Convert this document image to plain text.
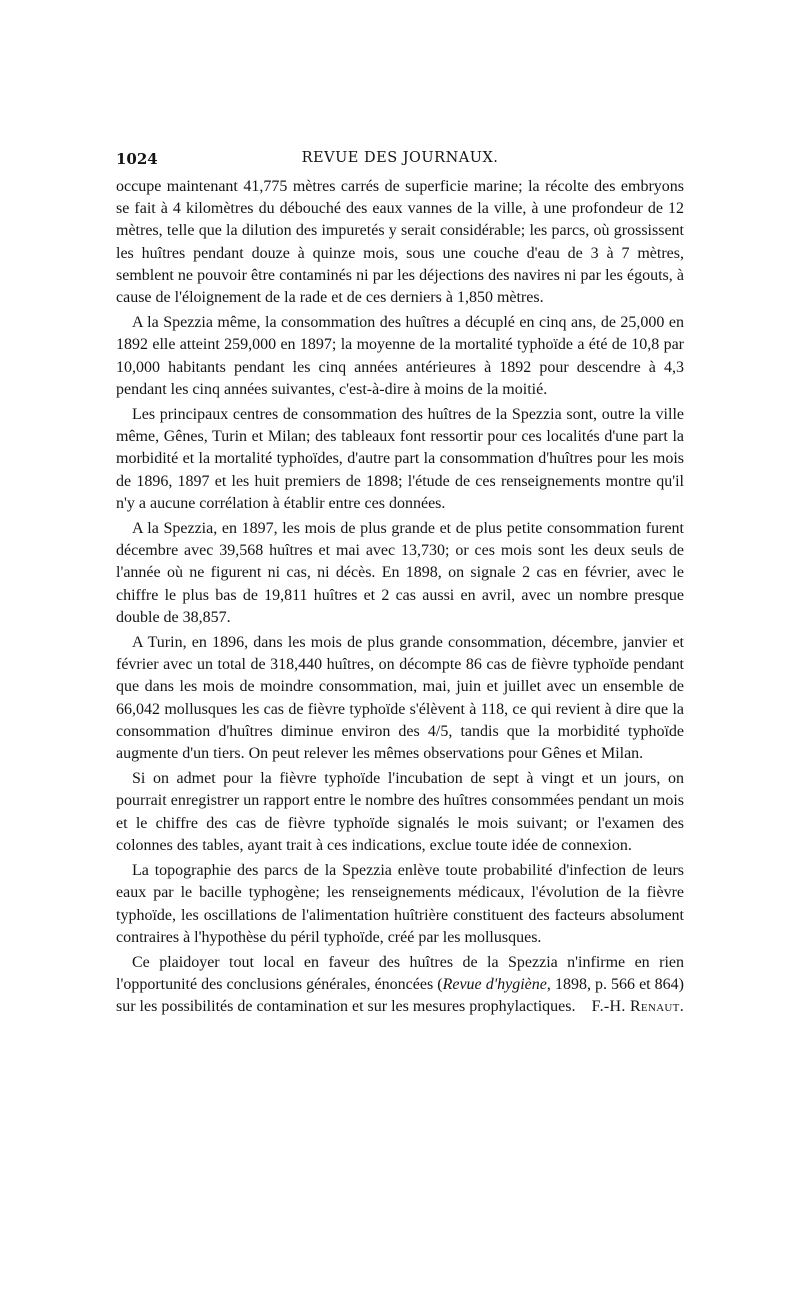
1024	REVUE DES JOURNAUX.

occupe maintenant 41,775 mètres carrés de superficie marine; la récolte des embryons se fait à 4 kilomètres du débouché des eaux vannes de la ville, à une profondeur de 12 mètres, telle que la dilution des impuretés y serait considérable; les parcs, où grossissent les huîtres pendant douze à quinze mois, sous une couche d'eau de 3 à 7 mètres, semblent ne pouvoir être contaminés ni par les déjections des navires ni par les égouts, à cause de l'éloignement de la rade et de ces derniers à 1,850 mètres.

A la Spezzia même, la consommation des huîtres a décuplé en cinq ans, de 25,000 en 1892 elle atteint 259,000 en 1897; la moyenne de la mortalité typhoïde a été de 10,8 par 10,000 habitants pendant les cinq années antérieures à 1892 pour descendre à 4,3 pendant les cinq années suivantes, c'est-à-dire à moins de la moitié.

Les principaux centres de consommation des huîtres de la Spezzia sont, outre la ville même, Gênes, Turin et Milan; des tableaux font ressortir pour ces localités d'une part la morbidité et la mortalité typhoïdes, d'autre part la consommation d'huîtres pour les mois de 1896, 1897 et les huit premiers de 1898; l'étude de ces renseignements montre qu'il n'y a aucune corrélation à établir entre ces données.

A la Spezzia, en 1897, les mois de plus grande et de plus petite consommation furent décembre avec 39,568 huîtres et mai avec 13,730; or ces mois sont les deux seuls de l'année où ne figurent ni cas, ni décès. En 1898, on signale 2 cas en février, avec le chiffre le plus bas de 19,811 huîtres et 2 cas aussi en avril, avec un nombre presque double de 38,857.

A Turin, en 1896, dans les mois de plus grande consommation, décembre, janvier et février avec un total de 318,440 huîtres, on décompte 86 cas de fièvre typhoïde pendant que dans les mois de moindre consommation, mai, juin et juillet avec un ensemble de 66,042 mollusques les cas de fièvre typhoïde s'élèvent à 118, ce qui revient à dire que la consommation d'huîtres diminue environ des 4/5, tandis que la morbidité typhoïde augmente d'un tiers. On peut relever les mêmes observations pour Gênes et Milan.

Si on admet pour la fièvre typhoïde l'incubation de sept à vingt et un jours, on pourrait enregistrer un rapport entre le nombre des huîtres consommées pendant un mois et le chiffre des cas de fièvre typhoïde signalés le mois suivant; or l'examen des colonnes des tables, ayant trait à ces indications, exclue toute idée de connexion.

La topographie des parcs de la Spezzia enlève toute probabilité d'infection de leurs eaux par le bacille typhogène; les renseignements médicaux, l'évolution de la fièvre typhoïde, les oscillations de l'alimentation huîtrière constituent des facteurs absolument contraires à l'hypothèse du péril typhoïde, créé par les mollusques.

Ce plaidoyer tout local en faveur des huîtres de la Spezzia n'infirme en rien l'opportunité des conclusions générales, énoncées (Revue d'hygiène, 1898, p. 566 et 864) sur les possibilités de contamination et sur les mesures prophylactiques.	F.-H. Renaut.
